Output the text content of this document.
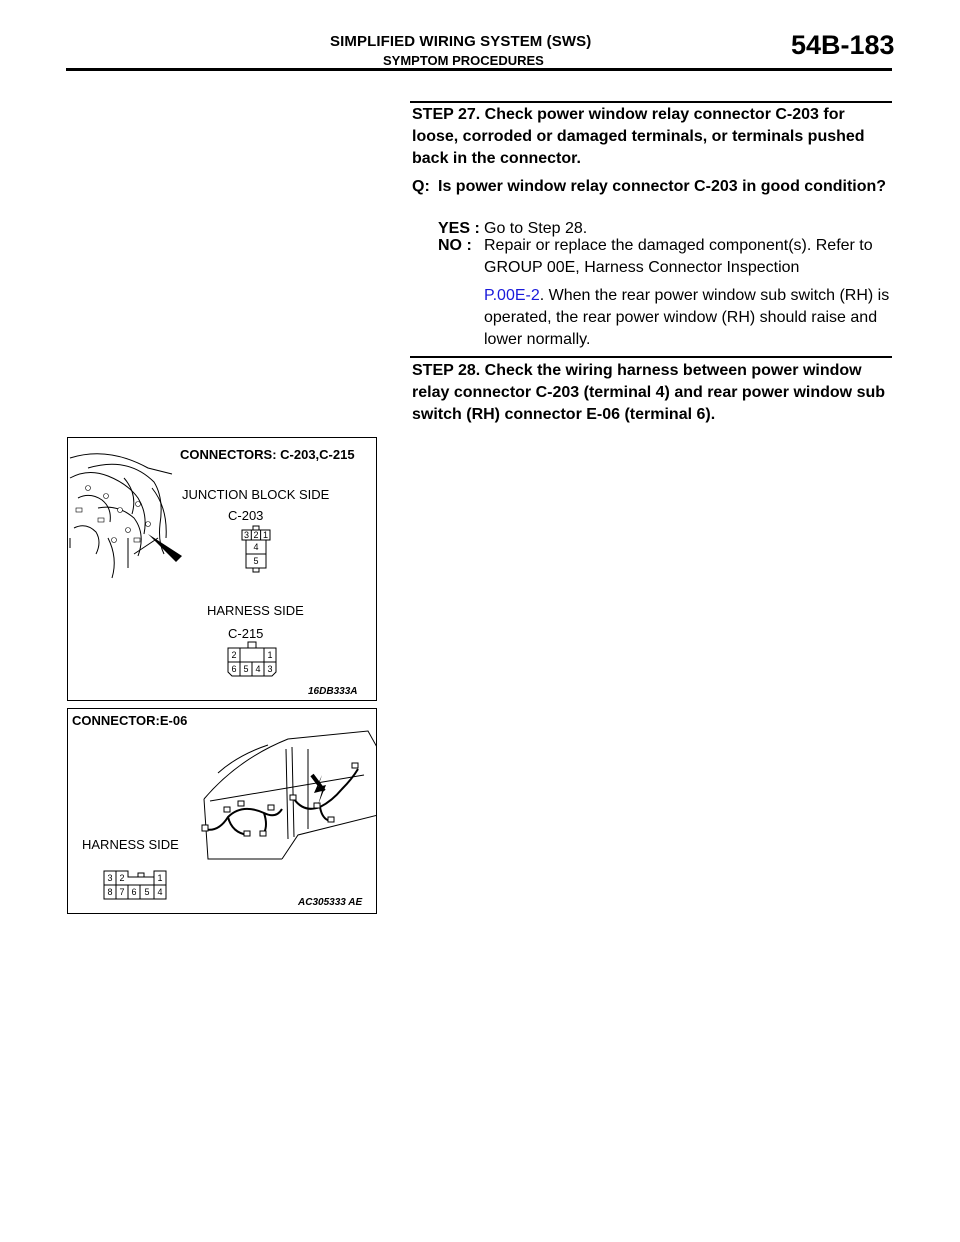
SIMPLIFIED WIRING SYSTEM (SWS)
SYMPTOM PROCEDURES
54B-183
STEP 27. Check power window relay connector C-203 for loose, corroded or damaged terminals, or terminals pushed back in the connector.
Q: Is power window relay connector C-203 in good condition?
YES : Go to Step 28.
NO : Repair or replace the damaged component(s). Refer to GROUP 00E, Harness Connector Inspection
P.00E-2. When the rear power window sub switch (RH) is operated, the rear power window (RH) should raise and lower normally.
STEP 28. Check the wiring harness between power window relay connector C-203 (terminal 4) and rear power window sub switch (RH) connector E-06 (terminal 6).
3 2 1
4
5
2	1
6 5 4 3
CONNECTORS: C-203,C-215
JUNCTION BLOCK SIDE
C-203
HARNESS SIDE
C-215
16DB333A
3 2	1
8 7 6 5 4
CONNECTOR:E-06
HARNESS SIDE
AC305333 AE
